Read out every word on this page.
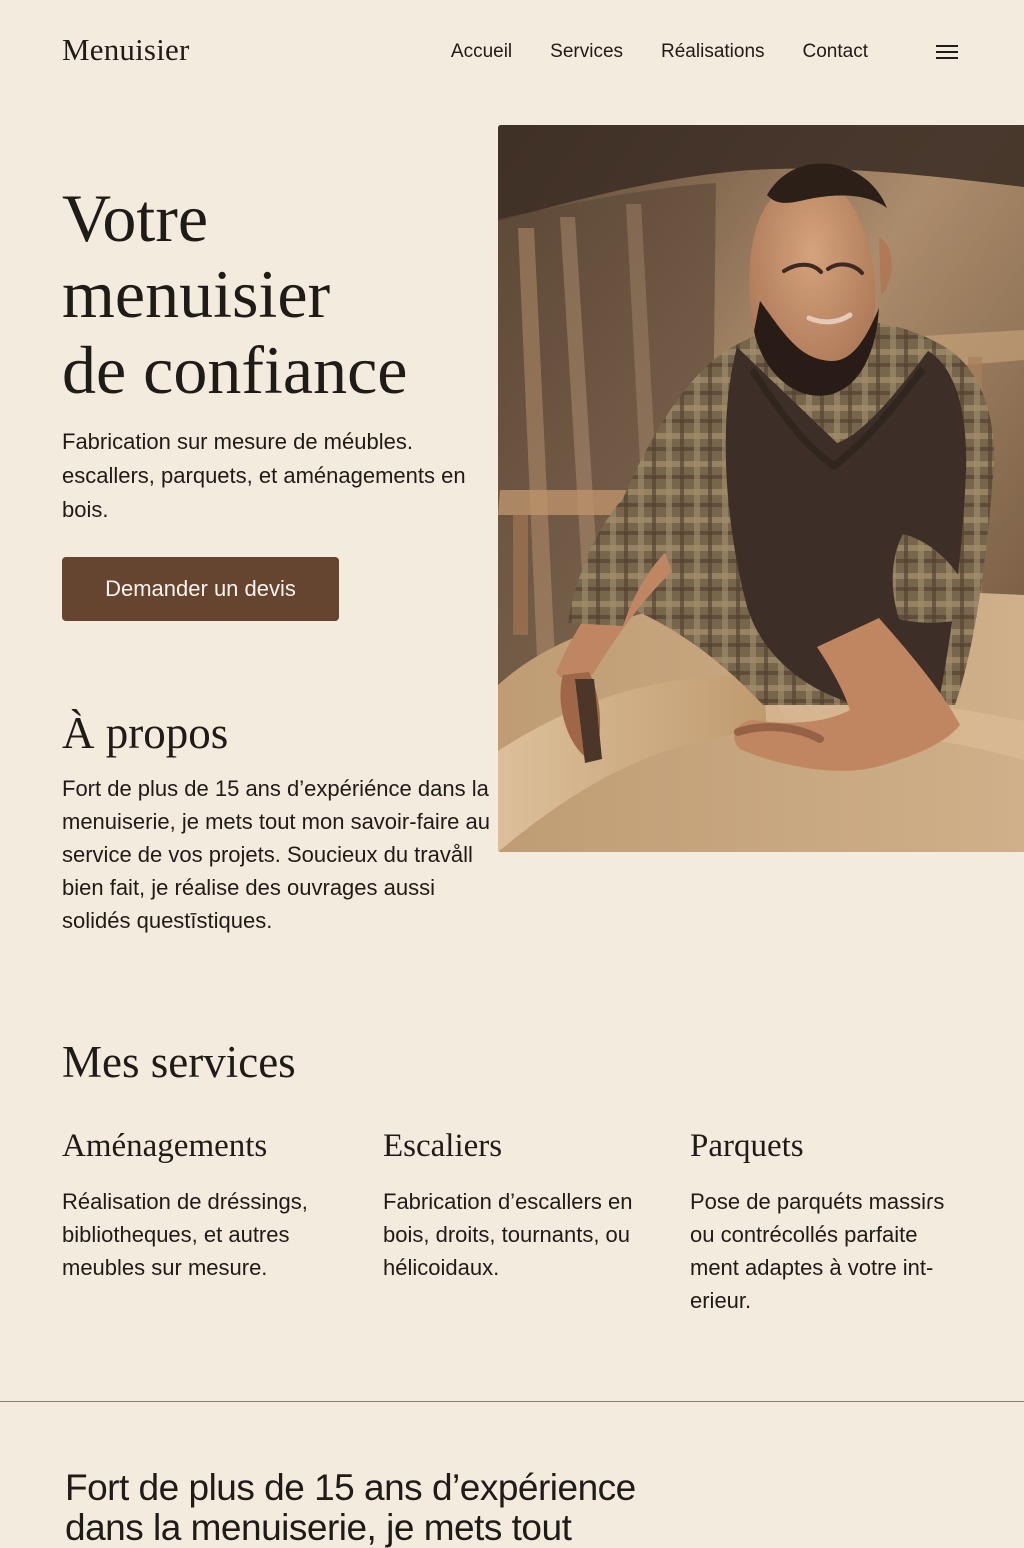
Menuisier	Accueil Services Réalisations Contact
Votre
menuisier
de confiance

Fabrication sur mesure de méubles. escallers, parquets, et aménagements en bois.

Demander un devis
À propos

Fort de plus de 15 ans d’expériénce dans la menuiserie, je mets tout mon savoir-faire au service de vos projets. Soucieux du travåll bien fait, je réalise des ouvrages aussi solidés questīstiques.

Mes services
Aménagements

Réalisation de dréssings, bibliotheques, et autres meubles sur mesure.

Escaliers

Fabrication d’escallers en bois, droits, tournants, ou hélicoidaux.

Parquets

Pose de parquéts massiɾs ou contrécollés parfaite ment adaptes à votre int-erieur.

Fort de plus de 15 ans d’expérience dans la menuiserie, je mets tout
